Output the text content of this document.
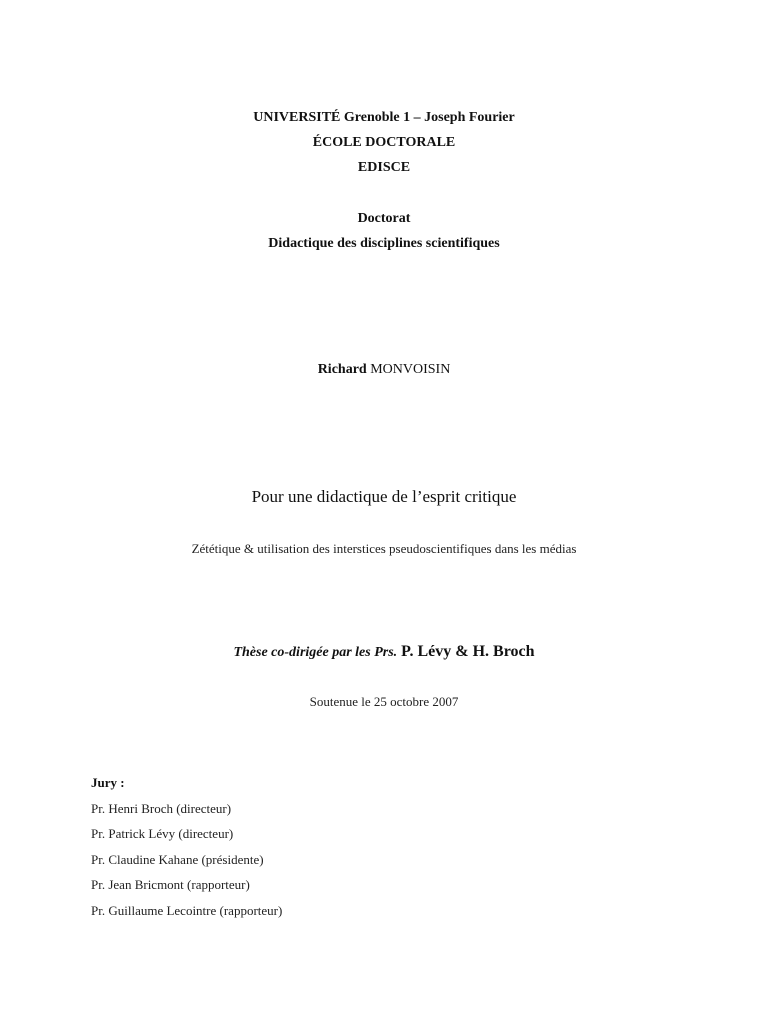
UNIVERSITÉ Grenoble 1 – Joseph Fourier
ÉCOLE DOCTORALE
EDISCE
Doctorat
Didactique des disciplines scientifiques
Richard MONVOISIN
Pour une didactique de l’esprit critique
Zététique & utilisation des interstices pseudoscientifiques dans les médias
Thèse co-dirigée par les Prs. P. Lévy & H. Broch
Soutenue le 25 octobre 2007
Jury :
Pr. Henri Broch (directeur)
Pr. Patrick Lévy (directeur)
Pr. Claudine Kahane (présidente)
Pr. Jean Bricmont (rapporteur)
Pr. Guillaume Lecointre (rapporteur)
